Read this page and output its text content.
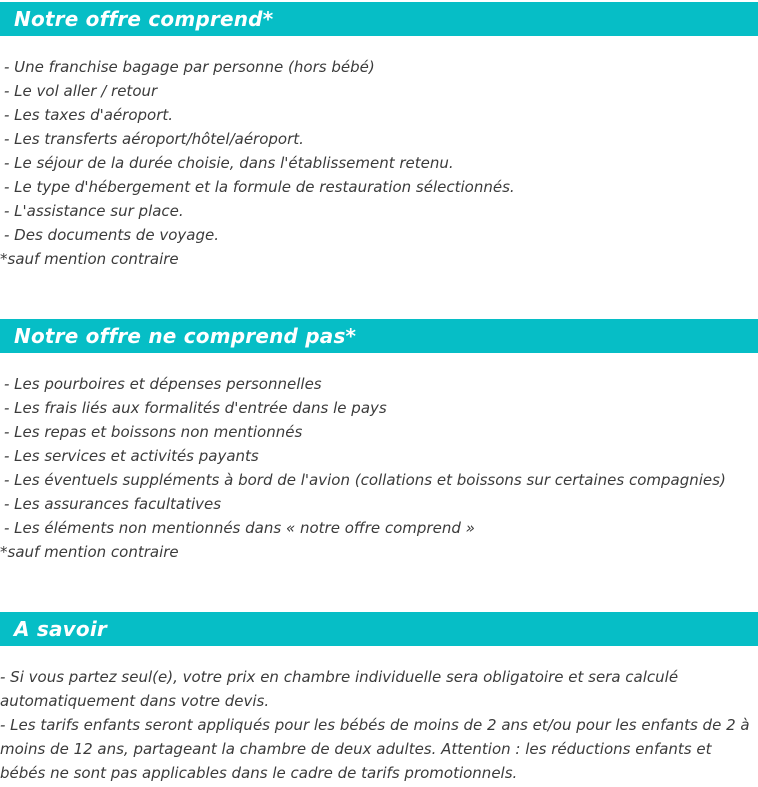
Notre offre comprend*
- Une franchise bagage par personne (hors bébé)
- Le vol aller / retour
- Les taxes d'aéroport.
- Les transferts aéroport/hôtel/aéroport.
- Le séjour de la durée choisie, dans l'établissement retenu.
- Le type d'hébergement et la formule de restauration sélectionnés.
- L'assistance sur place.
- Des documents de voyage.

*sauf mention contraire

Notre offre ne comprend pas*
- Les pourboires et dépenses personnelles
- Les frais liés aux formalités d'entrée dans le pays
- Les repas et boissons non mentionnés
- Les services et activités payants
- Les éventuels suppléments à bord de l'avion (collations et boissons sur certaines compagnies)
- Les assurances facultatives
- Les éléments non mentionnés dans « notre offre comprend »

*sauf mention contraire

A savoir

- Si vous partez seul(e), votre prix en chambre individuelle sera obligatoire et sera calculé automatiquement dans votre devis.

- Les tarifs enfants seront appliqués pour les bébés de moins de 2 ans et/ou pour les enfants de 2 à moins de 12 ans, partageant la chambre de deux adultes. Attention : les réductions enfants et bébés ne sont pas applicables dans le cadre de tarifs promotionnels.
